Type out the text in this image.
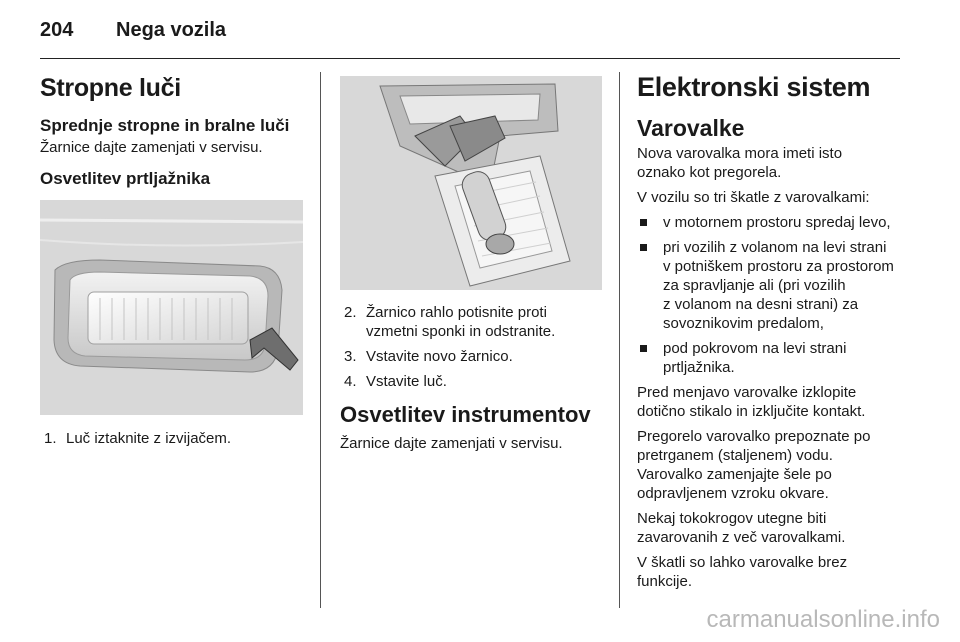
204 Nega vozila
Stropne luči
Sprednje stropne in bralne luči
Žarnice dajte zamenjati v servisu.
Osvetlitev prtljažnika
1. Luč iztaknite z izvijačem.
2. Žarnico rahlo potisnite proti
vzmetni sponki in odstranite.
3. Vstavite novo žarnico.
4. Vstavite luč.
Osvetlitev instrumentov
Žarnice dajte zamenjati v servisu.
Elektronski sistem
Varovalke
Nova varovalka mora imeti isto
oznako kot pregorela.
V vozilu so tri škatle z varovalkami:
v motornem prostoru spredaj levo,
pri vozilih z volanom na levi strani
v potniškem prostoru za prostorom
za spravljanje ali (pri vozilih
z volanom na desni strani) za
sovoznikovim predalom,
pod pokrovom na levi strani
prtljažnika.
Pred menjavo varovalke izklopite
dotično stikalo in izključite kontakt.
Pregorelo varovalko prepoznate po
pretrganem (staljenem) vodu.
Varovalko zamenjajte šele po
odpravljenem vzroku okvare.
Nekaj tokokrogov utegne biti
zavarovanih z več varovalkami.
V škatli so lahko varovalke brez
funkcije.
carmanualsonline.info
